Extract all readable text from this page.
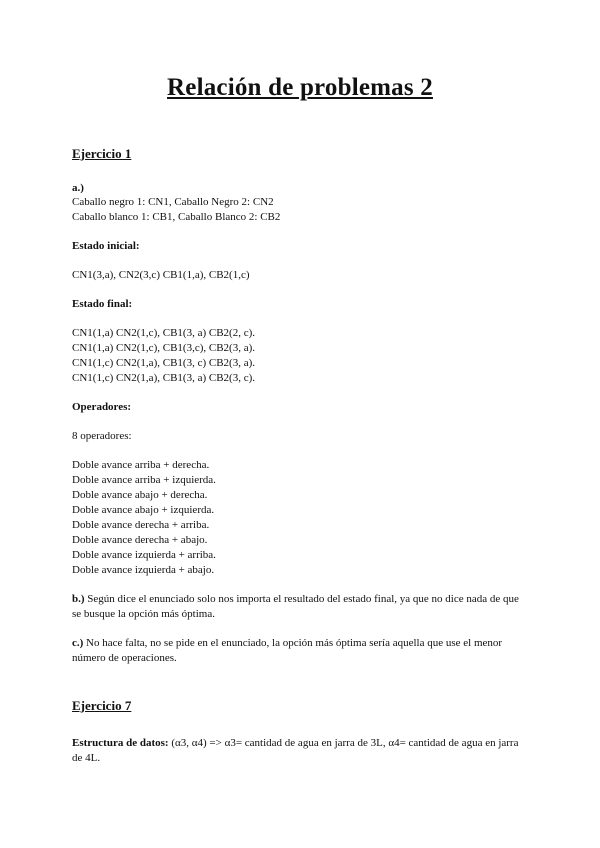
Relación de problemas 2
Ejercicio 1
a.)
Caballo negro 1: CN1, Caballo Negro 2: CN2
Caballo blanco 1: CB1, Caballo Blanco 2: CB2
Estado inicial:
CN1(3,a), CN2(3,c) CB1(1,a), CB2(1,c)
Estado final:
CN1(1,a) CN2(1,c), CB1(3, a) CB2(2, c).
CN1(1,a) CN2(1,c), CB1(3,c), CB2(3, a).
CN1(1,c) CN2(1,a), CB1(3, c) CB2(3, a).
CN1(1,c) CN2(1,a), CB1(3, a) CB2(3, c).
Operadores:
8 operadores:
Doble avance arriba + derecha.
Doble avance arriba + izquierda.
Doble avance abajo + derecha.
Doble avance abajo + izquierda.
Doble avance derecha + arriba.
Doble avance derecha + abajo.
Doble avance izquierda + arriba.
Doble avance izquierda + abajo.
b.) Según dice el enunciado solo nos importa el resultado del estado final, ya que no dice nada de que
se busque la opción más óptima.
c.) No hace falta, no se pide en el enunciado, la opción más óptima sería aquella que use el menor
número de operaciones.
Ejercicio 7
Estructura de datos: (α3, α4) => α3= cantidad de agua en jarra de 3L, α4= cantidad de agua en jarra
de 4L.
